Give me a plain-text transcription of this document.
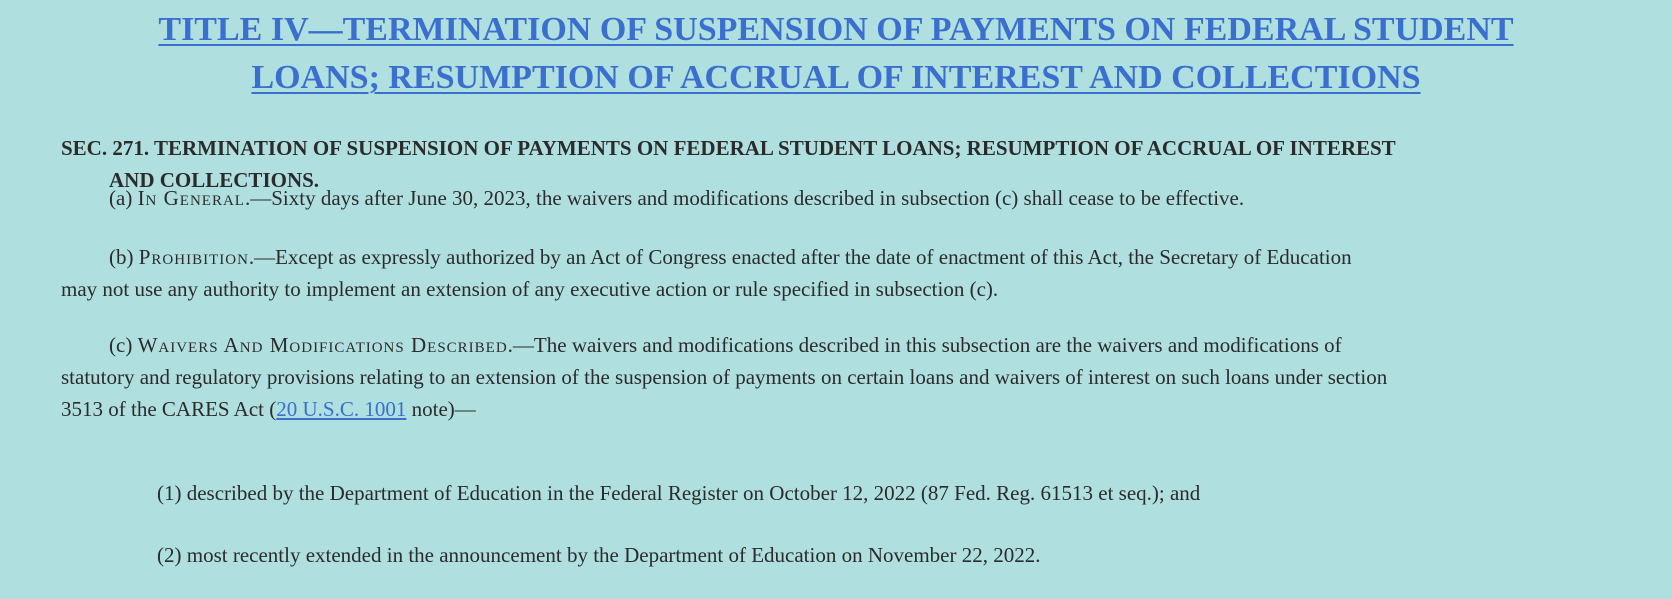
TITLE IV—TERMINATION OF SUSPENSION OF PAYMENTS ON FEDERAL STUDENT
LOANS; RESUMPTION OF ACCRUAL OF INTEREST AND COLLECTIONS
SEC. 271. TERMINATION OF SUSPENSION OF PAYMENTS ON FEDERAL STUDENT LOANS; RESUMPTION OF ACCRUAL OF INTEREST
AND COLLECTIONS.
(a) In General.—Sixty days after June 30, 2023, the waivers and modifications described in subsection (c) shall cease to be effective.
(b) Prohibition.—Except as expressly authorized by an Act of Congress enacted after the date of enactment of this Act, the Secretary of Education
may not use any authority to implement an extension of any executive action or rule specified in subsection (c).
(c) Waivers And Modifications Described.—The waivers and modifications described in this subsection are the waivers and modifications of
statutory and regulatory provisions relating to an extension of the suspension of payments on certain loans and waivers of interest on such loans under section
3513 of the CARES Act (20 U.S.C. 1001 note)—
(1) described by the Department of Education in the Federal Register on October 12, 2022 (87 Fed. Reg. 61513 et seq.); and
(2) most recently extended in the announcement by the Department of Education on November 22, 2022.
